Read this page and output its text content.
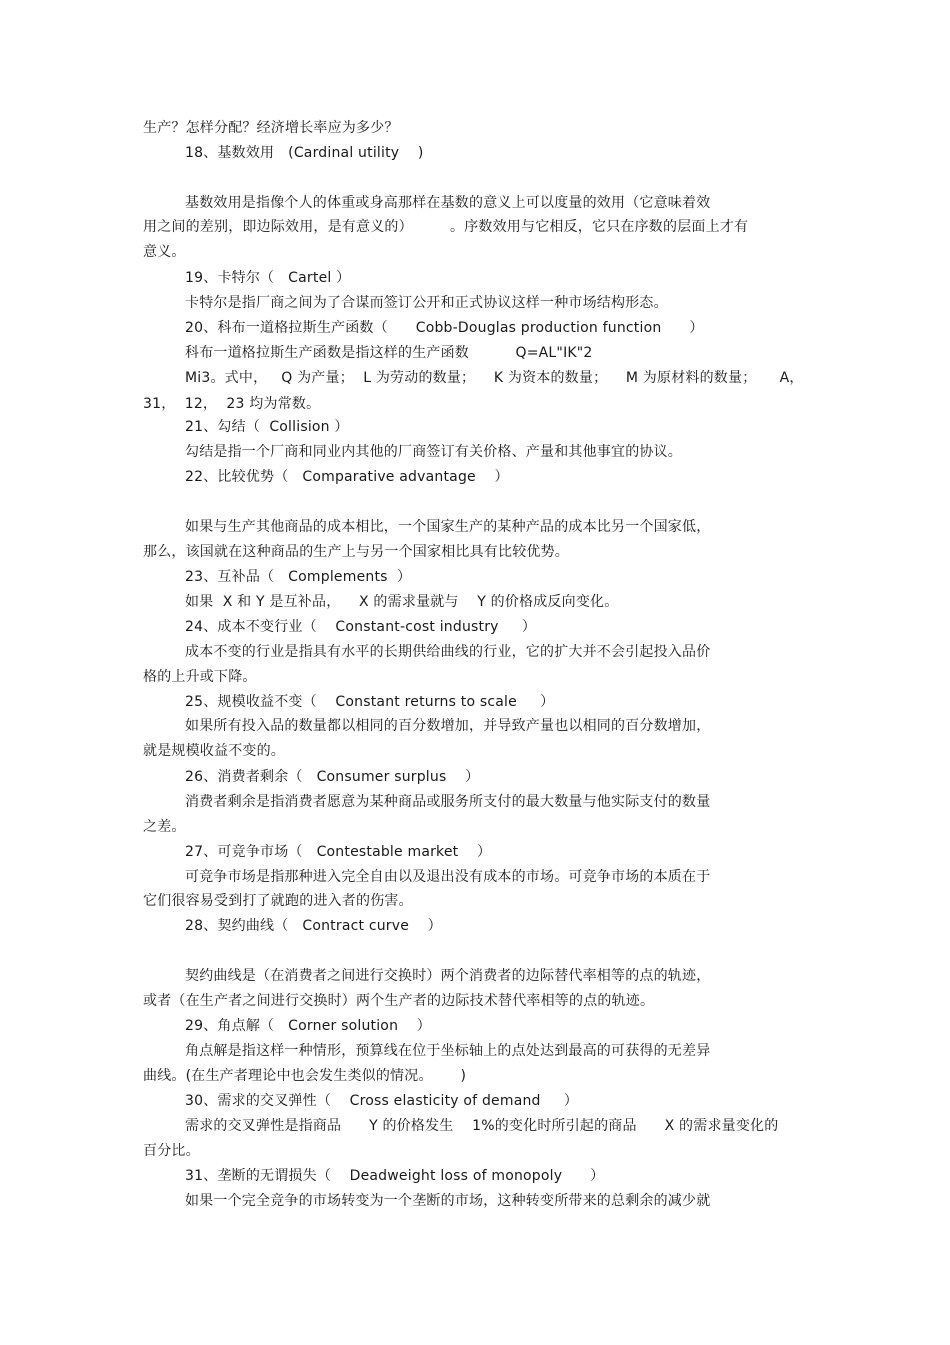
生产？怎样分配？经济增长率应为多少？
18、基数效用   (Cardinal utility    )
基数效用是指像个人的体重或身高那样在基数的意义上可以度量的效用（它意味着效
用之间的差别，即边际效用，是有意义的）        。序数效用与它相反，它只在序数的层面上才有
意义。
19、卡特尔（   Cartel ）
卡特尔是指厂商之间为了合谋而签订公开和正式协议这样一种市场结构形态。
20、科布一道格拉斯生产函数（      Cobb-Douglas production function      ）
科布一道格拉斯生产函数是指这样的生产函数          Q=AL"IK"2
Mi3。式中，   Q 为产量；  L 为劳动的数量；    K 为资本的数量；    M 为原材料的数量；     A，
31，  12，  23 均为常数。
21、勾结（  Collision ）
勾结是指一个厂商和同业内其他的厂商签订有关价格、产量和其他事宜的协议。
22、比较优势（   Comparative advantage    ）
如果与生产其他商品的成本相比，一个国家生产的某种产品的成本比另一个国家低，
那么，该国就在这种商品的生产上与另一个国家相比具有比较优势。
23、互补品（   Complements  ）
如果  X 和 Y 是互补品，    X 的需求量就与    Y 的价格成反向变化。
24、成本不变行业（    Constant-cost industry     ）
成本不变的行业是指具有水平的长期供给曲线的行业，它的扩大并不会引起投入品价
格的上升或下降。
25、规模收益不变（    Constant returns to scale     ）
如果所有投入品的数量都以相同的百分数增加，并导致产量也以相同的百分数增加，
就是规模收益不变的。
26、消费者剩余（   Consumer surplus    ）
消费者剩余是指消费者愿意为某种商品或服务所支付的最大数量与他实际支付的数量
之差。
27、可竞争市场（   Contestable market    ）
可竞争市场是指那种进入完全自由以及退出没有成本的市场。可竞争市场的本质在于
它们很容易受到打了就跑的进入者的伤害。
28、契约曲线（   Contract curve    ）
契约曲线是（在消费者之间进行交换时）两个消费者的边际替代率相等的点的轨迹，
或者（在生产者之间进行交换时）两个生产者的边际技术替代率相等的点的轨迹。
29、角点解（   Corner solution    ）
角点解是指这样一种情形，预算线在位于坐标轴上的点处达到最高的可获得的无差异
曲线。(在生产者理论中也会发生类似的情况。      )
30、需求的交叉弹性（    Cross elasticity of demand     ）
需求的交叉弹性是指商品      Y 的价格发生    1%的变化时所引起的商品      X 的需求量变化的
百分比。
31、垄断的无谓损失（    Deadweight loss of monopoly      ）
如果一个完全竞争的市场转变为一个垄断的市场，这种转变所带来的总剩余的减少就
